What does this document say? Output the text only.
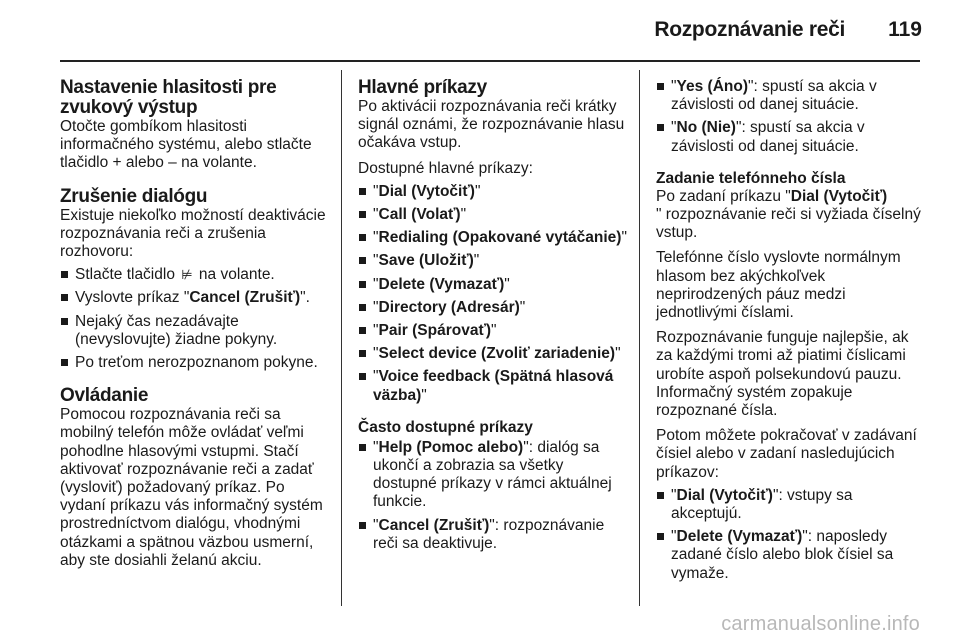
Rozpoznávanie reči 119
Nastavenie hlasitosti pre zvukový výstup

Otočte gombíkom hlasitosti informačného systému, alebo stlačte tlačidlo + alebo – na volante.

Zrušenie dialógu

Existuje niekoľko možností deaktivácie rozpoznávania reči a zrušenia rozhovoru:

Stlačte tlačidlo ⊭ na volante.
Vyslovte príkaz "Cancel (Zrušiť)".
Nejaký čas nezadávajte (nevyslovujte) žiadne pokyny.
Po treťom nerozpoznanom pokyne.
Ovládanie

Pomocou rozpoznávania reči sa mobilný telefón môže ovládať veľmi pohodlne hlasovými vstupmi. Stačí aktivovať rozpoznávanie reči a zadať (vysloviť) požadovaný príkaz. Po vydaní príkazu vás informačný systém prostredníctvom dialógu, vhodnými otázkami a spätnou väzbou usmerní, aby ste dosiahli želanú akciu.

Hlavné príkazy

Po aktivácii rozpoznávania reči krátky signál oznámi, že rozpoznávanie hlasu očakáva vstup.

Dostupné hlavné príkazy:

"Dial (Vytočiť)"
"Call (Volať)"
"Redialing (Opakované vytáčanie)"
"Save (Uložiť)"
"Delete (Vymazať)"
"Directory (Adresár)"
"Pair (Spárovať)"
"Select device (Zvoliť zariadenie)"
"Voice feedback (Spätná hlasová väzba)"
Často dostupné príkazy
"Help (Pomoc alebo)": dialóg sa ukončí a zobrazia sa všetky dostupné príkazy v rámci aktuálnej funkcie.
"Cancel (Zrušiť)": rozpoznávanie reči sa deaktivuje.
"Yes (Áno)": spustí sa akcia v závislosti od danej situácie.
"No (Nie)": spustí sa akcia v závislosti od danej situácie.
Zadanie telefónneho čísla

Po zadaní príkazu "Dial (Vytočiť)
" rozpoznávanie reči si vyžiada číselný vstup.

Telefónne číslo vyslovte normálnym hlasom bez akýchkoľvek neprirodzených páuz medzi jednotlivými číslami.

Rozpoznávanie funguje najlepšie, ak za každými tromi až piatimi číslicami urobíte aspoň polsekundovú pauzu. Informačný systém zopakuje rozpoznané čísla.

Potom môžete pokračovať v zadávaní čísiel alebo v zadaní nasledujúcich príkazov:

"Dial (Vytočiť)": vstupy sa akceptujú.
"Delete (Vymazať)": naposledy zadané číslo alebo blok čísiel sa vymaže.
carmanualsonline.info
